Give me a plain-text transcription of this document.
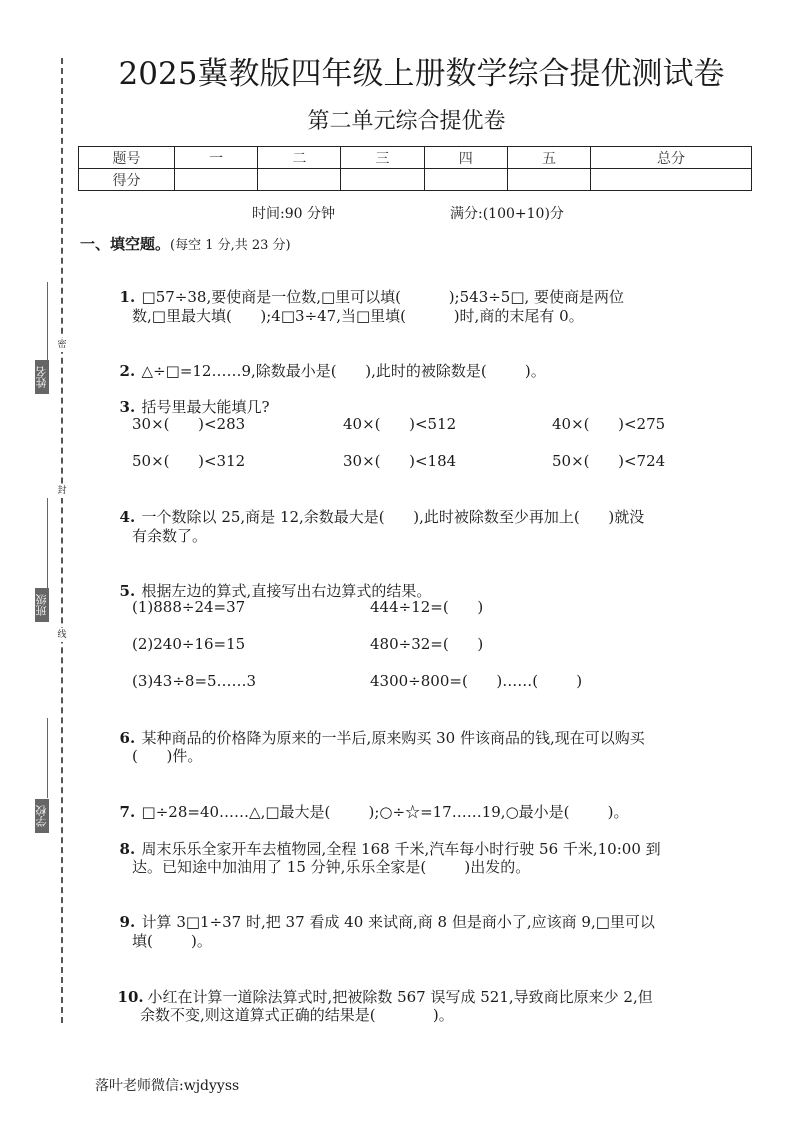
密
封
线
姓名
班级
学校
2025冀教版四年级上册数学综合提优测试卷
第二单元综合提优卷
题号	一	二	三	四	五	总分
得分						
时间:90 分钟	满分:(100+10)分
一、填空题。(每空 1 分,共 23 分)

1. □57÷38,要使商是一位数,□里可以填(          );543÷5□, 要使商是两位

数,□里最大填(      );4□3÷47,当□里填(          )时,商的末尾有 0。

2. △÷□=12……9,除数最小是(      ),此时的被除数是(        )。

3. 括号里最大能填几?

30×(      )<283	40×(      )<512	40×(      )<275
50×(      )<312	30×(      )<184	50×(      )<724

4. 一个数除以 25,商是 12,余数最大是(      ),此时被除数至少再加上(      )就没

有余数了。

5. 根据左边的算式,直接写出右边算式的结果。

(1)888÷24=37	444÷12=(      )
(2)240÷16=15	480÷32=(      )
(3)43÷8=5……3	4300÷800=(      )……(        )

6. 某种商品的价格降为原来的一半后,原来购买 30 件该商品的钱,现在可以购买

(      )件。

7. □÷28=40……△,□最大是(        );○÷☆=17……19,○最小是(        )。

8. 周末乐乐全家开车去植物园,全程 168 千米,汽车每小时行驶 56 千米,10:00 到

达。已知途中加油用了 15 分钟,乐乐全家是(        )出发的。

9. 计算 3□1÷37 时,把 37 看成 40 来试商,商 8 但是商小了,应该商 9,□里可以

填(        )。

10. 小红在计算一道除法算式时,把被除数 567 误写成 521,导致商比原来少 2,但

余数不变,则这道算式正确的结果是(            )。
落叶老师微信:wjdyyss
